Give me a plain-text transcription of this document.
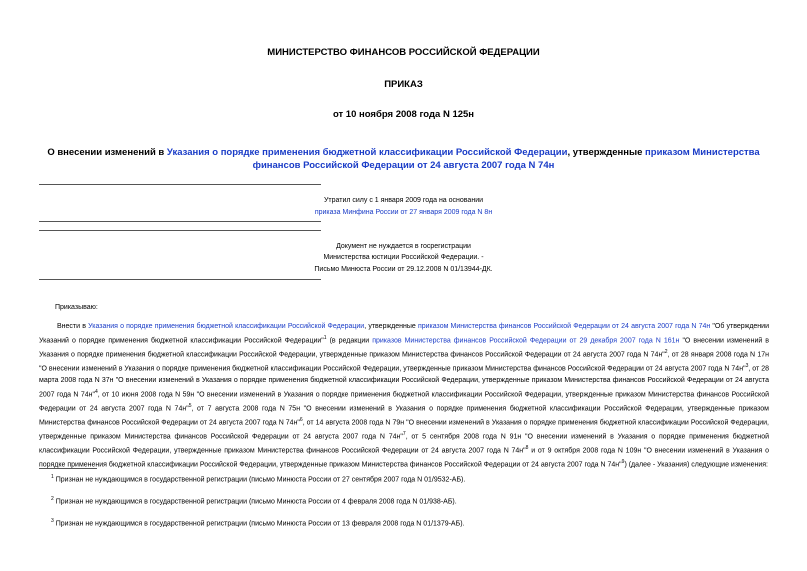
МИНИСТЕРСТВО ФИНАНСОВ РОССИЙСКОЙ ФЕДЕРАЦИИ
ПРИКАЗ
от 10 ноября 2008 года N 125н
О внесении изменений в Указания о порядке применения бюджетной классификации Российской Федерации, утвержденные приказом Министерства финансов Российской Федерации от 24 августа 2007 года N 74н
Утратил силу с 1 января 2009 года на основании
приказа Минфина России от 27 января 2009 года N 8н
Документ не нуждается в госрегистрации
Министерства юстиции Российской Федерации. -
Письмо Минюста России от 29.12.2008 N 01/13944-ДК.
Приказываю:
Внести в Указания о порядке применения бюджетной классификации Российской Федерации, утвержденные приказом Министерства финансов Российской Федерации от 24 августа 2007 года N 74н "Об утверждении Указаний о порядке применения бюджетной классификации Российской Федерации"$^1$ (в редакции приказов Министерства финансов Российской Федерации от 29 декабря 2007 года N 161н "О внесении изменений в Указания о порядке применения бюджетной классификации Российской Федерации, утвержденные приказом Министерства финансов Российской Федерации от 24 августа 2007 года N 74н"$^2$, от 28 января 2008 года N 17н "О внесении изменений в Указания о порядке применения бюджетной классификации Российской Федерации, утвержденные приказом Министерства финансов Российской Федерации от 24 августа 2007 года N 74н"$^3$, от 28 марта 2008 года N 37н "О внесении изменений в Указания о порядке применения бюджетной классификации Российской Федерации, утвержденные приказом Министерства финансов Российской Федерации от 24 августа 2007 года N 74н"$^4$, от 10 июня 2008 года N 59н "О внесении изменений в Указания о порядке применения бюджетной классификации Российской Федерации, утвержденные приказом Министерства финансов Российской Федерации от 24 августа 2007 года N 74н"$^5$, от 7 августа 2008 года N 75н "О внесении изменений в Указания о порядке применения бюджетной классификации Российской Федерации, утвержденные приказом Министерства финансов Российской Федерации от 24 августа 2007 года N 74н"$^6$, от 14 августа 2008 года N 79н "О внесении изменений в Указания о порядке применения бюджетной классификации Российской Федерации, утвержденные приказом Министерства финансов Российской Федерации от 24 августа 2007 года N 74н"$^7$, от 5 сентября 2008 года N 91н "О внесении изменений в Указания о порядке применения бюджетной классификации Российской Федерации, утвержденные приказом Министерства финансов Российской Федерации от 24 августа 2007 года N 74н"$^8$ и от 9 октября 2008 года N 109н "О внесении изменений в Указания о порядке применения бюджетной классификации Российской Федерации, утвержденные приказом Министерства финансов Российской Федерации от 24 августа 2007 года N 74н"$^9$) (далее - Указания) следующие изменения:
$^1$ Признан не нуждающимся в государственной регистрации (письмо Минюста России от 27 сентября 2007 года N 01/9532-АБ).
$^2$ Признан не нуждающимся в государственной регистрации (письмо Минюста России от 4 февраля 2008 года N 01/938-АБ).
$^3$ Признан не нуждающимся в государственной регистрации (письмо Минюста России от 13 февраля 2008 года N 01/1379-АБ).
